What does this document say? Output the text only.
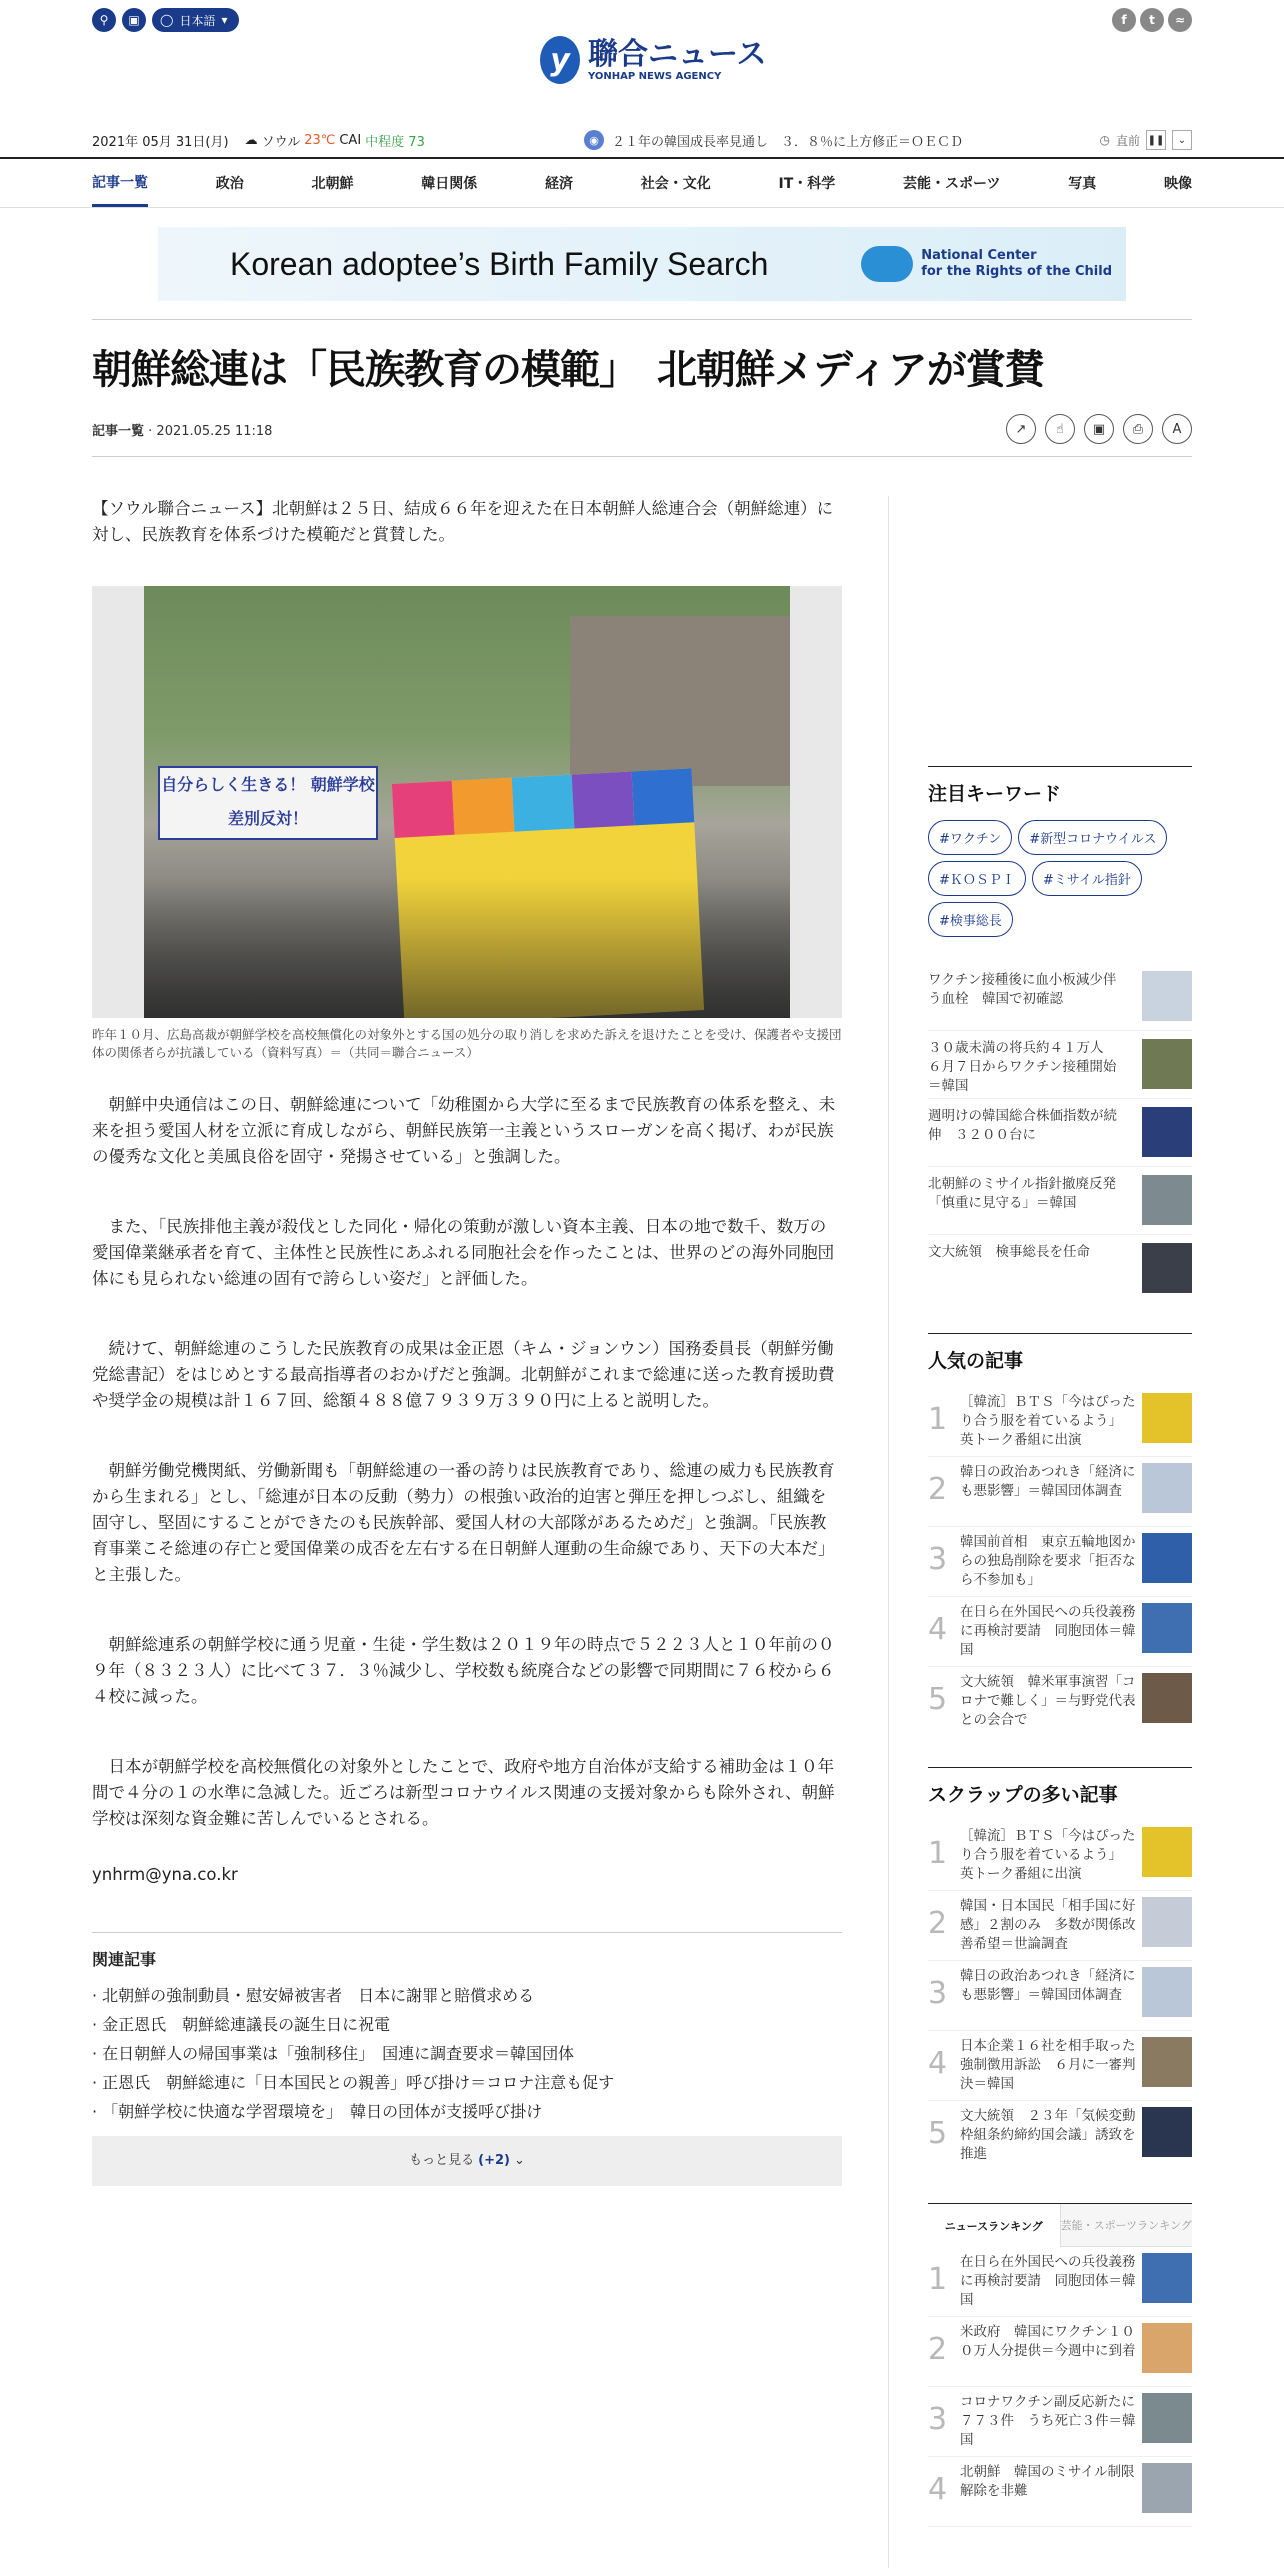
⚲	▣	◯ 日本語 ▾	f	t	≈
y 聯合ニュース
YONHAP NEWS AGENCY
2021年 05月 31日(月) ☁ ソウル 23℃ CAI 中程度 73	◉	２１年の韓国成長率見通し　３．８％に上方修正＝ＯＥＣＤ	◷ 直前 ❚❚	⌄
記事一覧	政治	北朝鮮	韓日関係	経済	社会・文化	IT・科学	芸能・スポーツ	写真	映像
Korean adoptee’s Birth Family Search	National Center
for the Rights of the Child
朝鮮総連は「民族教育の模範」　北朝鮮メディアが賞賛
記事一覧 · 2021.05.25 11:18	↗	☝	▣	⎙	A

【ソウル聯合ニュース】北朝鮮は２５日、結成６６年を迎えた在日本朝鮮人総連合会（朝鮮総連）に対し、民族教育を体系づけた模範だと賞賛した。

自分らしく生きる！ 朝鮮学校差別反対！
昨年１０月、広島高裁が朝鮮学校を高校無償化の対象外とする国の処分の取り消しを求めた訴えを退けたことを受け、保護者や支援団体の関係者らが抗議している（資料写真）＝（共同＝聯合ニュース）

　朝鮮中央通信はこの日、朝鮮総連について「幼稚園から大学に至るまで民族教育の体系を整え、未来を担う愛国人材を立派に育成しながら、朝鮮民族第一主義というスローガンを高く掲げ、わが民族の優秀な文化と美風良俗を固守・発揚させている」と強調した。

　また、「民族排他主義が殺伐とした同化・帰化の策動が激しい資本主義、日本の地で数千、数万の愛国偉業継承者を育て、主体性と民族性にあふれる同胞社会を作ったことは、世界のどの海外同胞団体にも見られない総連の固有で誇らしい姿だ」と評価した。

　続けて、朝鮮総連のこうした民族教育の成果は金正恩（キム・ジョンウン）国務委員長（朝鮮労働党総書記）をはじめとする最高指導者のおかげだと強調。北朝鮮がこれまで総連に送った教育援助費や奨学金の規模は計１６７回、総額４８８億７９３９万３９０円に上ると説明した。

　朝鮮労働党機関紙、労働新聞も「朝鮮総連の一番の誇りは民族教育であり、総連の威力も民族教育から生まれる」とし、「総連が日本の反動（勢力）の根強い政治的迫害と弾圧を押しつぶし、組織を固守し、堅固にすることができたのも民族幹部、愛国人材の大部隊があるためだ」と強調。「民族教育事業こそ総連の存亡と愛国偉業の成否を左右する在日朝鮮人運動の生命線であり、天下の大本だ」と主張した。

　朝鮮総連系の朝鮮学校に通う児童・生徒・学生数は２０１９年の時点で５２２３人と１０年前の０９年（８３２３人）に比べて３７．３％減少し、学校数も統廃合などの影響で同期間に７６校から６４校に減った。

　日本が朝鮮学校を高校無償化の対象外としたことで、政府や地方自治体が支給する補助金は１０年間で４分の１の水準に急減した。近ごろは新型コロナウイルス関連の支援対象からも除外され、朝鮮学校は深刻な資金難に苦しんでいるとされる。

ynhrm@yna.co.kr

関連記事
· 北朝鮮の強制動員・慰安婦被害者　日本に謝罪と賠償求める
· 金正恩氏　朝鮮総連議長の誕生日に祝電
· 在日朝鮮人の帰国事業は「強制移住」　国連に調査要求＝韓国団体
· 正恩氏　朝鮮総連に「日本国民との親善」呼び掛け＝コロナ注意も促す
· 「朝鮮学校に快適な学習環境を」　韓日の団体が支援呼び掛け
もっと見る (+2) ⌄
注目キーワード
#ワクチン	#新型コロナウイルス
#ＫＯＳＰＩ	#ミサイル指針
#検事総長
ワクチン接種後に血小板減少伴う血栓　韓国で初確認
３０歳未満の将兵約４１万人　６月７日からワクチン接種開始＝韓国
週明けの韓国総合株価指数が続伸　３２００台に
北朝鮮のミサイル指針撤廃反発　「慎重に見守る」＝韓国
文大統領　検事総長を任命
人気の記事
1 ［韓流］ＢＴＳ「今はぴったり合う服を着ているよう」　英トーク番組に出演
2 韓日の政治あつれき「経済にも悪影響」＝韓国団体調査
3 韓国前首相　東京五輪地図からの独島削除を要求「拒否なら不参加も」
4 在日ら在外国民への兵役義務に再検討要請　同胞団体＝韓国
5 文大統領　韓米軍事演習「コロナで難しく」＝与野党代表との会合で
スクラップの多い記事
1 ［韓流］ＢＴＳ「今はぴったり合う服を着ているよう」　英トーク番組に出演
2 韓国・日本国民「相手国に好感」２割のみ　多数が関係改善希望＝世論調査
3 韓日の政治あつれき「経済にも悪影響」＝韓国団体調査
4 日本企業１６社を相手取った強制徴用訴訟　６月に一審判決＝韓国
5 文大統領　２３年「気候変動枠組条約締約国会議」誘致を推進
ニュースランキング	芸能・スポーツランキング
1 在日ら在外国民への兵役義務に再検討要請　同胞団体＝韓国
2 米政府　韓国にワクチン１００万人分提供＝今週中に到着
3 コロナワクチン副反応新たに７７３件　うち死亡３件＝韓国
4 北朝鮮　韓国のミサイル制限解除を非難
